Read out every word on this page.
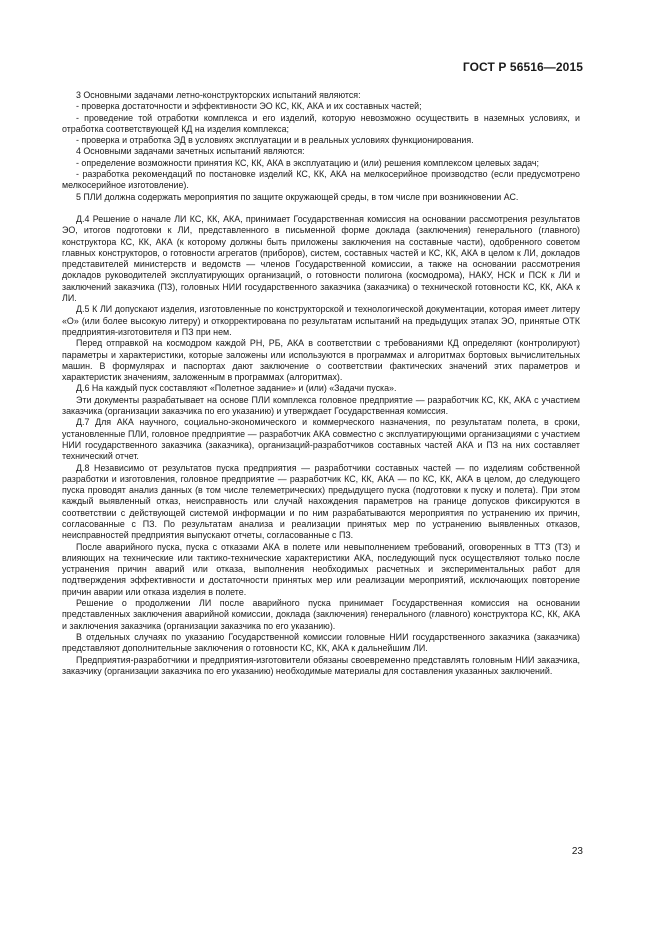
ГОСТ Р 56516—2015

3 Основными задачами летно-конструкторских испытаний являются:

- проверка достаточности и эффективности ЭО КС, КК, АКА и их составных частей;

- проведение той отработки комплекса и его изделий, которую невозможно осуществить в наземных условиях, и отработка соответствующей КД на изделия комплекса;

- проверка и отработка ЭД в условиях эксплуатации и в реальных условиях функционирования.

4 Основными задачами зачетных испытаний являются:

- определение возможности принятия КС, КК, АКА в эксплуатацию и (или) решения комплексом целевых задач;

- разработка рекомендаций по постановке изделий КС, КК, АКА на мелкосерийное производство (если предусмотрено мелкосерийное изготовление).

5 ПЛИ должна содержать мероприятия по защите окружающей среды, в том числе при возникновении АС.

Д.4 Решение о начале ЛИ КС, КК, АКА, принимает Государственная комиссия на основании рассмотрения результатов ЭО, итогов подготовки к ЛИ, представленного в письменной форме доклада (заключения) генерального (главного) конструктора КС, КК, АКА (к которому должны быть приложены заключения на составные части), одобренного советом главных конструкторов, о готовности агрегатов (приборов), систем, составных частей и КС, КК, АКА в целом к ЛИ, докладов представителей министерств и ведомств — членов Государственной комиссии, а также на основании рассмотрения докладов руководителей эксплуатирующих организаций, о готовности полигона (космодрома), НАКУ, НСК и ПСК к ЛИ и заключений заказчика (ПЗ), головных НИИ государственного заказчика (заказчика) о технической готовности КС, КК, АКА к ЛИ.

Д.5 К ЛИ допускают изделия, изготовленные по конструкторской и технологической документации, которая имеет литеру «О» (или более высокую литеру) и откорректирована по результатам испытаний на предыдущих этапах ЭО, принятые ОТК предприятия-изготовителя и ПЗ при нем.

Перед отправкой на космодром каждой РН, РБ, АКА в соответствии с требованиями КД определяют (контролируют) параметры и характеристики, которые заложены или используются в программах и алгоритмах бортовых вычислительных машин. В формулярах и паспортах дают заключение о соответствии фактических значений этих параметров и характеристик значениям, заложенным в программах (алгоритмах).

Д.6 На каждый пуск составляют «Полетное задание» и (или) «Задачи пуска».

Эти документы разрабатывает на основе ПЛИ комплекса головное предприятие — разработчик КС, КК, АКА с участием заказчика (организации заказчика по его указанию) и утверждает Государственная комиссия.

Д.7 Для АКА научного, социально-экономического и коммерческого назначения, по результатам полета, в сроки, установленные ПЛИ, головное предприятие — разработчик АКА совместно с эксплуатирующими организациями с участием НИИ государственного заказчика (заказчика), организаций-разработчиков составных частей АКА и ПЗ на них составляет технический отчет.

Д.8 Независимо от результатов пуска предприятия — разработчики составных частей — по изделиям собственной разработки и изготовления, головное предприятие — разработчик КС, КК, АКА — по КС, КК, АКА в целом, до следующего пуска проводят анализ данных (в том числе телеметрических) предыдущего пуска (подготовки к пуску и полета). При этом каждый выявленный отказ, неисправность или случай нахождения параметров на границе допусков фиксируются в соответствии с действующей системой информации и по ним разрабатываются мероприятия по устранению их причин, согласованные с ПЗ. По результатам анализа и реализации принятых мер по устранению выявленных отказов, неисправностей предприятия выпускают отчеты, согласованные с ПЗ.

После аварийного пуска, пуска с отказами АКА в полете или невыполнением требований, оговоренных в ТТЗ (ТЗ) и влияющих на технические или тактико-технические характеристики АКА, последующий пуск осуществляют только после устранения причин аварий или отказа, выполнения необходимых расчетных и экспериментальных работ для подтверждения эффективности и достаточности принятых мер или реализации мероприятий, исключающих повторение причин аварии или отказа изделия в полете.

Решение о продолжении ЛИ после аварийного пуска принимает Государственная комиссия на основании представленных заключения аварийной комиссии, доклада (заключения) генерального (главного) конструктора КС, КК, АКА и заключения заказчика (организации заказчика по его указанию).

В отдельных случаях по указанию Государственной комиссии головные НИИ государственного заказчика (заказчика) представляют дополнительные заключения о готовности КС, КК, АКА к дальнейшим ЛИ.

Предприятия-разработчики и предприятия-изготовители обязаны своевременно представлять головным НИИ заказчика, заказчику (организации заказчика по его указанию) необходимые материалы для составления указанных заключений.

23
